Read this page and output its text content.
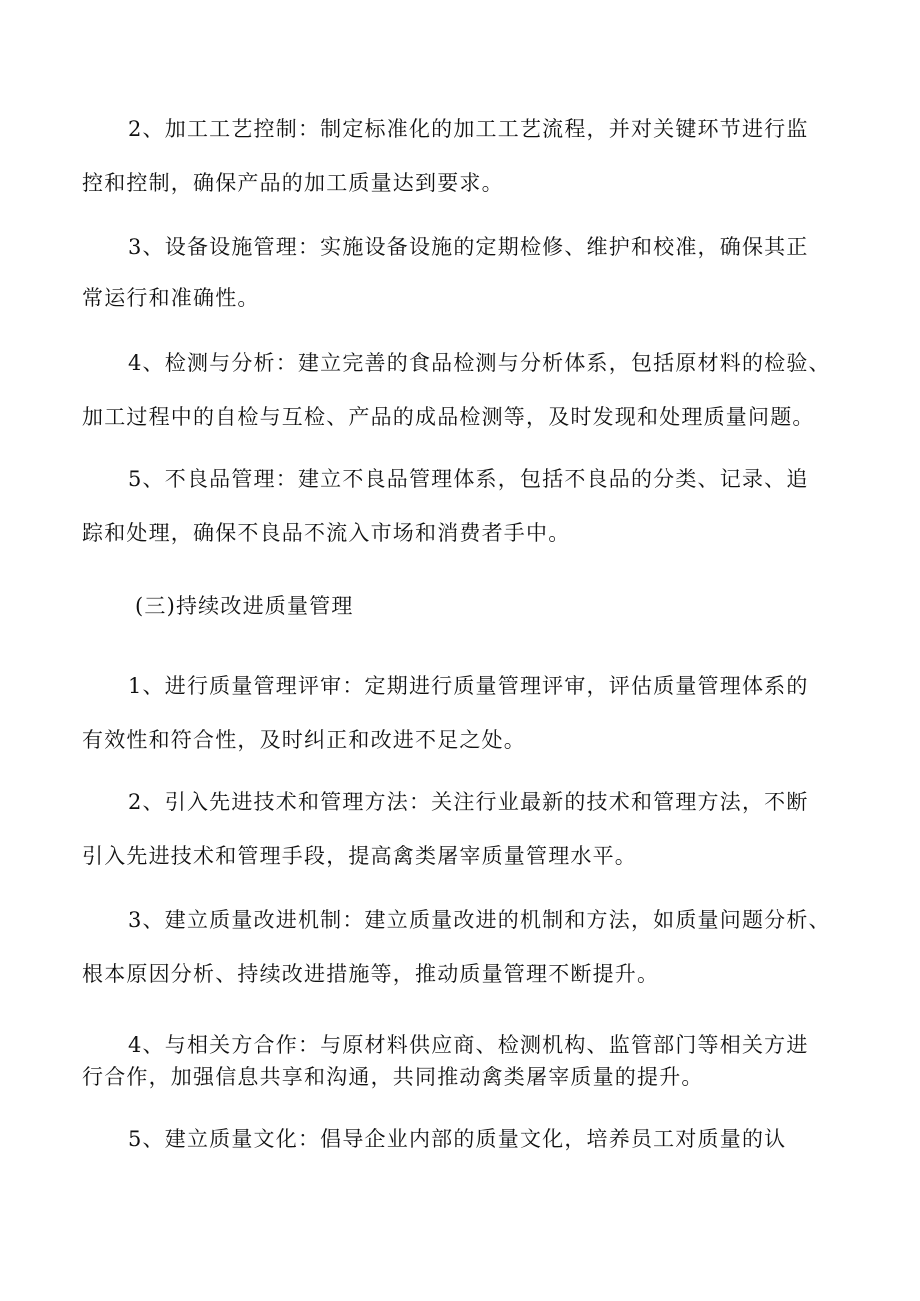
2、加工工艺控制：制定标准化的加工工艺流程，并对关键环节进行监
控和控制，确保产品的加工质量达到要求。
3、设备设施管理：实施设备设施的定期检修、维护和校准，确保其正
常运行和准确性。
4、检测与分析：建立完善的食品检测与分析体系，包括原材料的检验、
加工过程中的自检与互检、产品的成品检测等，及时发现和处理质量问题。
5、不良品管理：建立不良品管理体系，包括不良品的分类、记录、追
踪和处理，确保不良品不流入市场和消费者手中。
(三)持续改进质量管理
1、进行质量管理评审：定期进行质量管理评审，评估质量管理体系的
有效性和符合性，及时纠正和改进不足之处。
2、引入先进技术和管理方法：关注行业最新的技术和管理方法，不断
引入先进技术和管理手段，提高禽类屠宰质量管理水平。
3、建立质量改进机制：建立质量改进的机制和方法，如质量问题分析、
根本原因分析、持续改进措施等，推动质量管理不断提升。
4、与相关方合作：与原材料供应商、检测机构、监管部门等相关方进
行合作，加强信息共享和沟通，共同推动禽类屠宰质量的提升。
5、建立质量文化：倡导企业内部的质量文化，培养员工对质量的认
